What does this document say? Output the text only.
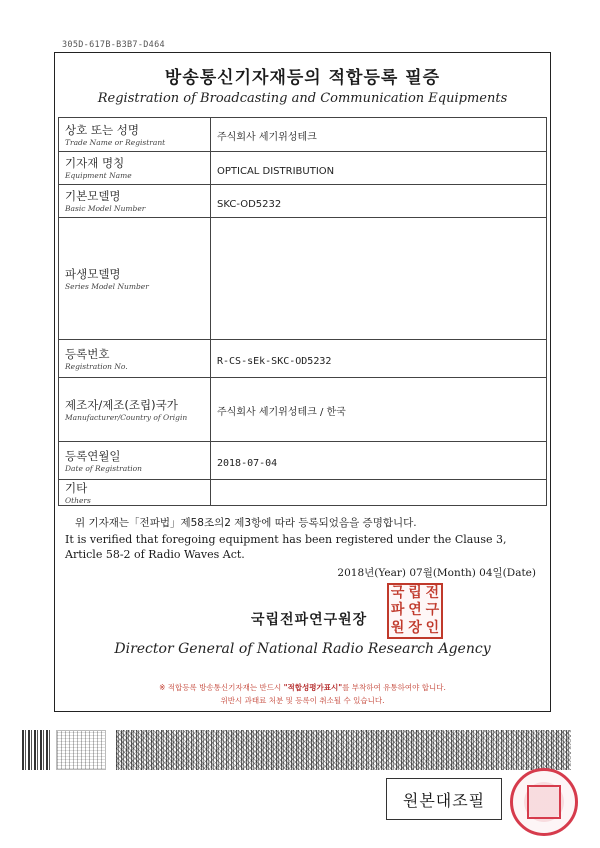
305D-617B-B3B7-D464
방송통신기자재등의 적합등록 필증
Registration of Broadcasting and Communication Equipments
상호 또는 성명
Trade Name or Registrant	주식회사 세기위성테크

기자재 명칭
Equipment Name	OPTICAL DISTRIBUTION

기본모델명
Basic Model Number	SKC-OD5232

파생모델명
Series Model Number	

등록번호
Registration No.	R-CS-sEk-SKC-OD5232

제조자/제조(조립)국가
Manufacturer/Country of Origin	주식회사 세기위성테크 / 한국

등록연월일
Date of Registration	2018-07-04

기타
Others	

위 기자재는「전파법」제58조의2 제3항에 따라 등록되었음을 증명합니다.
It is verified that foregoing equipment has been registered under the Clause 3, Article 58-2 of Radio Waves Act.
2018년(Year) 07월(Month) 04일(Date)
국립전파연구원장
국 립 전
파 연 구
원 장 인
Director General of National Radio Research Agency
※ 적합등록 방송통신기자재는 반드시 "적합성평가표시"를 부착하여 유통하여야 합니다.
위반시 과태료 처분 및 등록이 취소될 수 있습니다.
원본대조필
